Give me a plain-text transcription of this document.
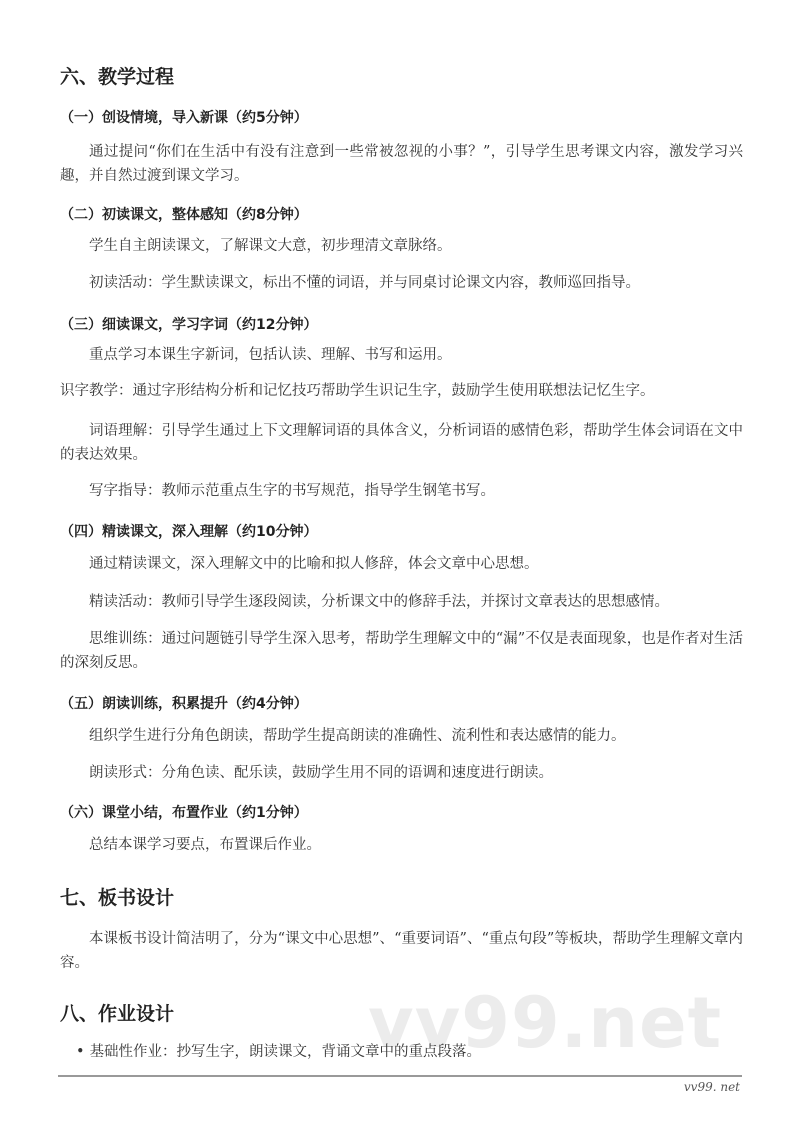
vv99.net
六、教学过程
（一）创设情境，导入新课（约5分钟）
通过提问“你们在生活中有没有注意到一些常被忽视的小事？”，引导学生思考课文内容，激发学习兴趣，并自然过渡到课文学习。
（二）初读课文，整体感知（约8分钟）
学生自主朗读课文，了解课文大意，初步理清文章脉络。
初读活动：学生默读课文，标出不懂的词语，并与同桌讨论课文内容，教师巡回指导。
（三）细读课文，学习字词（约12分钟）
重点学习本课生字新词，包括认读、理解、书写和运用。
识字教学：通过字形结构分析和记忆技巧帮助学生识记生字，鼓励学生使用联想法记忆生字。
词语理解：引导学生通过上下文理解词语的具体含义，分析词语的感情色彩，帮助学生体会词语在文中的表达效果。
写字指导：教师示范重点生字的书写规范，指导学生钢笔书写。
（四）精读课文，深入理解（约10分钟）
通过精读课文，深入理解文中的比喻和拟人修辞，体会文章中心思想。
精读活动：教师引导学生逐段阅读，分析课文中的修辞手法，并探讨文章表达的思想感情。
思维训练：通过问题链引导学生深入思考，帮助学生理解文中的“漏”不仅是表面现象，也是作者对生活的深刻反思。
（五）朗读训练，积累提升（约4分钟）
组织学生进行分角色朗读，帮助学生提高朗读的准确性、流利性和表达感情的能力。
朗读形式：分角色读、配乐读，鼓励学生用不同的语调和速度进行朗读。
（六）课堂小结，布置作业（约1分钟）
总结本课学习要点，布置课后作业。
七、板书设计
本课板书设计简洁明了，分为“课文中心思想”、“重要词语”、“重点句段”等板块，帮助学生理解文章内容。
八、作业设计
• 基础性作业：抄写生字，朗读课文，背诵文章中的重点段落。
vv99. net
